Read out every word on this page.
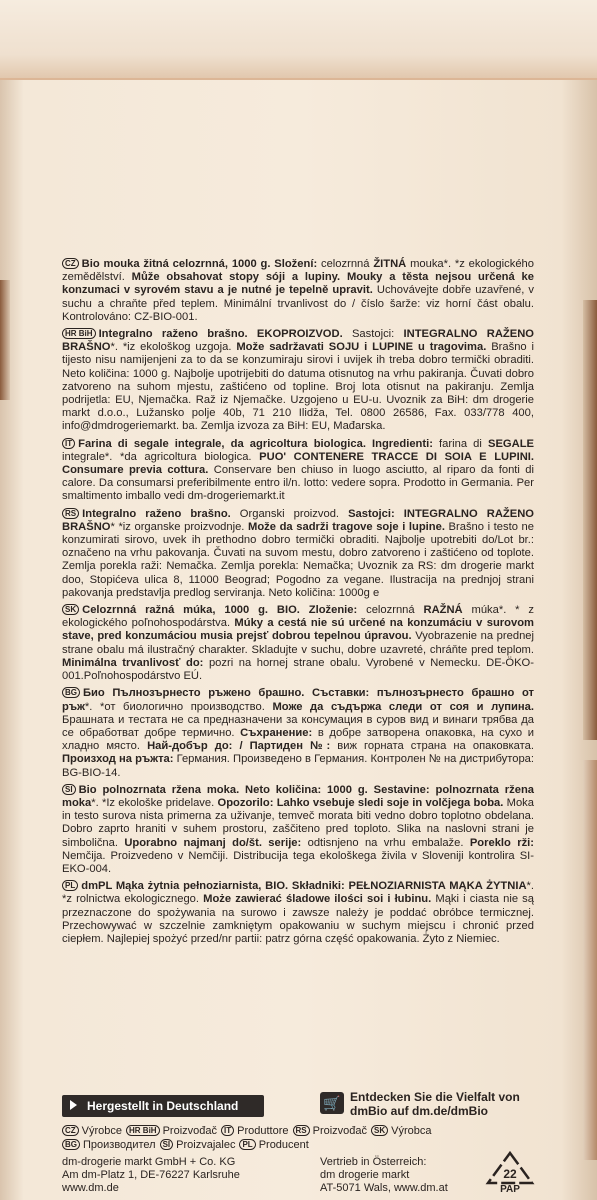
CZ Bio mouka žitná celozrnná, 1000 g. Složení: celozrnná ŽITNÁ mouka*. *z ekologického zemědělství. Může obsahovat stopy sóji a lupiny. Mouky a těsta nejsou určená ke konzumaci v syrovém stavu a je nutné je tepelně upravit. Uchovávejte dobře uzavřené, v suchu a chraňte před teplem. Minimální trvanlivost do / číslo šarže: viz horní část obalu. Kontrolováno: CZ-BIO-001.
HR BiH Integralno raženo brašno. EKOPROIZVOD. Sastojci: INTEGRALNO RAŽENO BRAŠNO*. *iz ekološkog uzgoja. Može sadržavati SOJU i LUPINE u tragovima. Brašno i tijesto nisu namijenjeni za to da se konzumiraju sirovi i uvijek ih treba dobro termički obraditi. Neto količina: 1000 g. Najbolje upotrijebiti do datuma otisnutog na vrhu pakiranja. Čuvati dobro zatvoreno na suhom mjestu, zaštićeno od topline. Broj lota otisnut na pakiranju. Zemlja podrijetla: EU, Njemačka. Raž iz Njemačke. Uzgojeno u EU-u. Uvoznik za BiH: dm drogerie markt d.o.o., Lužansko polje 40b, 71 210 Ilidža, Tel. 0800 26586, Fax. 033/778 400, info@dmdrogeriemarkt. ba. Zemlja izvoza za BiH: EU, Mađarska.
IT Farina di segale integrale, da agricoltura biologica. Ingredienti: farina di SEGALE integrale*. *da agricoltura biologica. PUO' CONTENERE TRACCE DI SOIA E LUPINI. Consumare previa cottura. Conservare ben chiuso in luogo asciutto, al riparo da fonti di calore. Da consumarsi preferibilmente entro il/n. lotto: vedere sopra. Prodotto in Germania. Per smaltimento imballo vedi dm-drogeriemarkt.it
RS Integralno raženo brašno. Organski proizvod. Sastojci: INTEGRALNO RAŽENO BRAŠNO* *iz organske proizvodnje. Može da sadrži tragove soje i lupine. Brašno i testo ne konzumirati sirovo, uvek ih prethodno dobro termički obraditi. Najbolje upotrebiti do/Lot br.: označeno na vrhu pakovanja. Čuvati na suvom mestu, dobro zatvoreno i zaštićeno od toplote. Zemlja porekla raži: Nemačka. Zemlja porekla: Nemačka; Uvoznik za RS: dm drogerie markt doo, Stopićeva ulica 8, 11000 Beograd; Pogodno za vegane. Ilustracija na prednjoj strani pakovanja predstavlja predlog serviranja. Neto količina: 1000g e
SK Celozrnná ražná múka, 1000 g. BIO. Zloženie: celozrnná RAŽNÁ múka*. * z ekologického poľnohospodárstva. Múky a cestá nie sú určené na konzumáciu v surovom stave, pred konzumáciou musia prejsť dobrou tepelnou úpravou. Vyobrazenie na prednej strane obalu má ilustračný charakter. Skladujte v suchu, dobre uzavreté, chráňte pred teplom. Minimálna trvanlivosť do: pozri na hornej strane obalu. Vyrobené v Nemecku. DE-ÖKO-001.Poľnohospodárstvo EÚ.
BG Био Пълнозърнесто ръжено брашно. Съставки: пълнозърнесто брашно от ръж*. *от биологично производство. Може да съдържа следи от соя и лупина. Брашната и тестата не са предназначени за консумация в суров вид и винаги трябва да се обработват добре термично. Съхранение: в добре затворена опаковка, на сухо и хладно място. Най-добър до: / Партиден №: виж горната страна на опаковката. Произход на ръжта: Германия. Произведено в Германия. Контролен № на дистрибутора: BG-BIO-14.
SI Bio polnozrnata ržena moka. Neto količina: 1000 g. Sestavine: polnozrnata ržena moka*. *Iz ekološke pridelave. Opozorilo: Lahko vsebuje sledi soje in volčjega boba. Moka in testo surova nista primerna za uživanje, temveč morata biti vedno dobro toplotno obdelana. Dobro zaprto hraniti v suhem prostoru, zaščiteno pred toploto. Slika na naslovni strani je simbolična. Uporabno najmanj do/št. serije: odtisnjeno na vrhu embalaže. Poreklo rži: Nemčija. Proizvedeno v Nemčiji. Distribucija tega ekološkega živila v Sloveniji kontrolira SI-EKO-004.
PL dmPL Mąka żytnia pełnoziarnista, BIO. Składniki: PEŁNOZIARNISTA MĄKA ŻYTNIA*. *z rolnictwa ekologicznego. Może zawierać śladowe ilości soi i łubinu. Mąki i ciasta nie są przeznaczone do spożywania na surowo i zawsze należy je poddać obróbce termicznej. Przechowywać w szczelnie zamkniętym opakowaniu w suchym miejscu i chronić przed ciepłem. Najlepiej spożyć przed/nr partii: patrz górna część opakowania. Żyto z Niemiec.
Hergestellt in Deutschland	🛒 Entdecken Sie die Vielfalt von dmBio auf dm.de/dmBio
CZ Výrobce HR BiH Proizvođač IT Produttore RS Proizvođač SK Výrobca
BG Производител SI Proizvajalec PL Producent
dm-drogerie markt GmbH + Co. KG
Am dm-Platz 1, DE-76227 Karlsruhe
www.dm.de
Vertrieb in Österreich:
dm drogerie markt
AT-5071 Wals, www.dm.at
22
PAP
